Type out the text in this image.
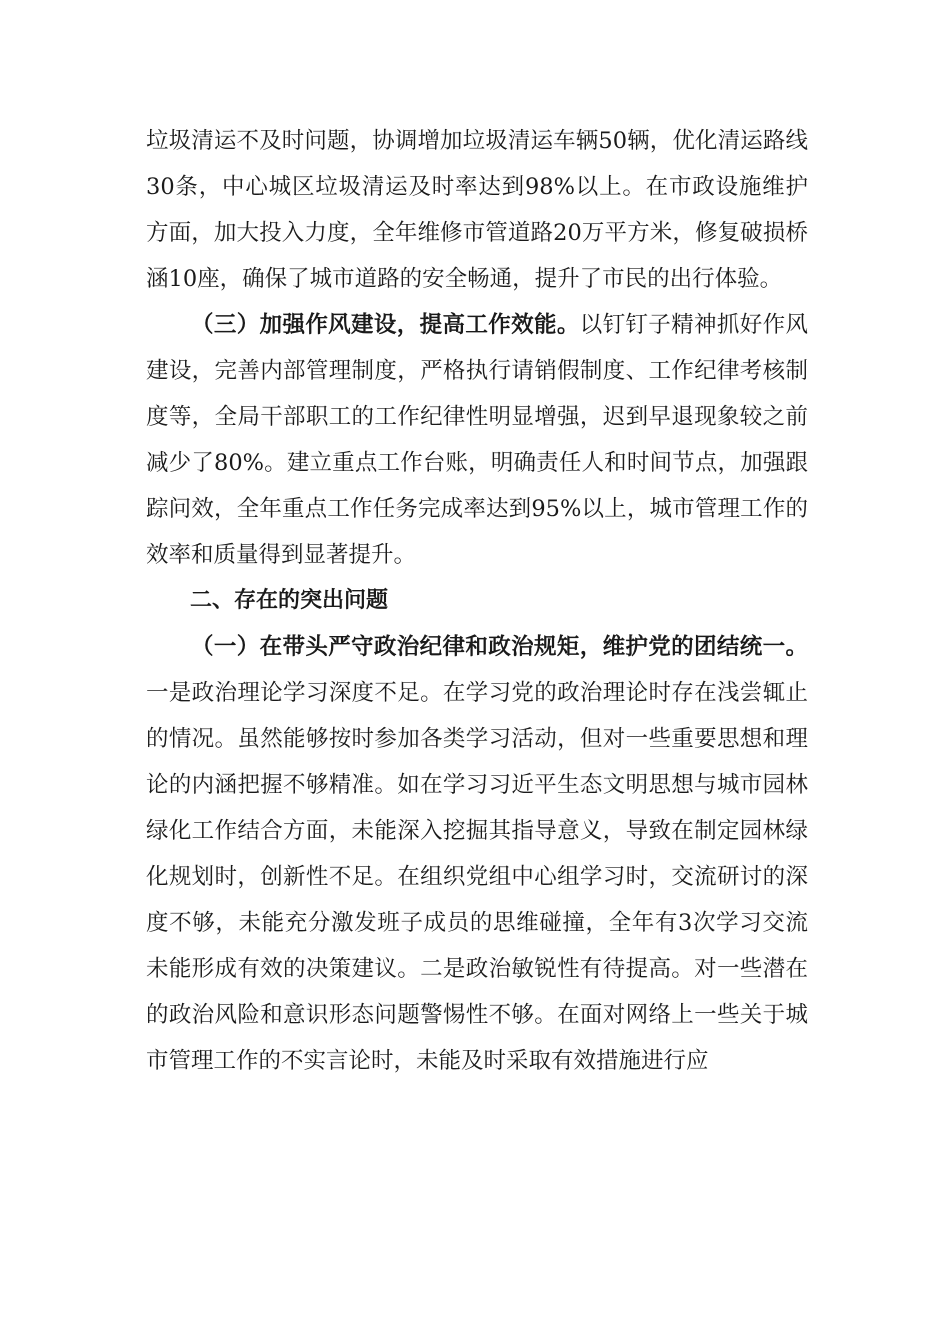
垃圾清运不及时问题，协调增加垃圾清运车辆50辆，优化清运路线30条，中心城区垃圾清运及时率达到98%以上。在市政设施维护方面，加大投入力度，全年维修市管道路20万平方米，修复破损桥涵10座，确保了城市道路的安全畅通，提升了市民的出行体验。

（三）加强作风建设，提高工作效能。以钉钉子精神抓好作风建设，完善内部管理制度，严格执行请销假制度、工作纪律考核制度等，全局干部职工的工作纪律性明显增强，迟到早退现象较之前减少了80%。建立重点工作台账，明确责任人和时间节点，加强跟踪问效，全年重点工作任务完成率达到95%以上，城市管理工作的效率和质量得到显著提升。

二、存在的突出问题

（一）在带头严守政治纪律和政治规矩，维护党的团结统一。一是政治理论学习深度不足。在学习党的政治理论时存在浅尝辄止的情况。虽然能够按时参加各类学习活动，但对一些重要思想和理论的内涵把握不够精准。如在学习习近平生态文明思想与城市园林绿化工作结合方面，未能深入挖掘其指导意义，导致在制定园林绿化规划时，创新性不足。在组织党组中心组学习时，交流研讨的深度不够，未能充分激发班子成员的思维碰撞，全年有3次学习交流未能形成有效的决策建议。二是政治敏锐性有待提高。对一些潜在的政治风险和意识形态问题警惕性不够。在面对网络上一些关于城市管理工作的不实言论时，未能及时采取有效措施进行应
